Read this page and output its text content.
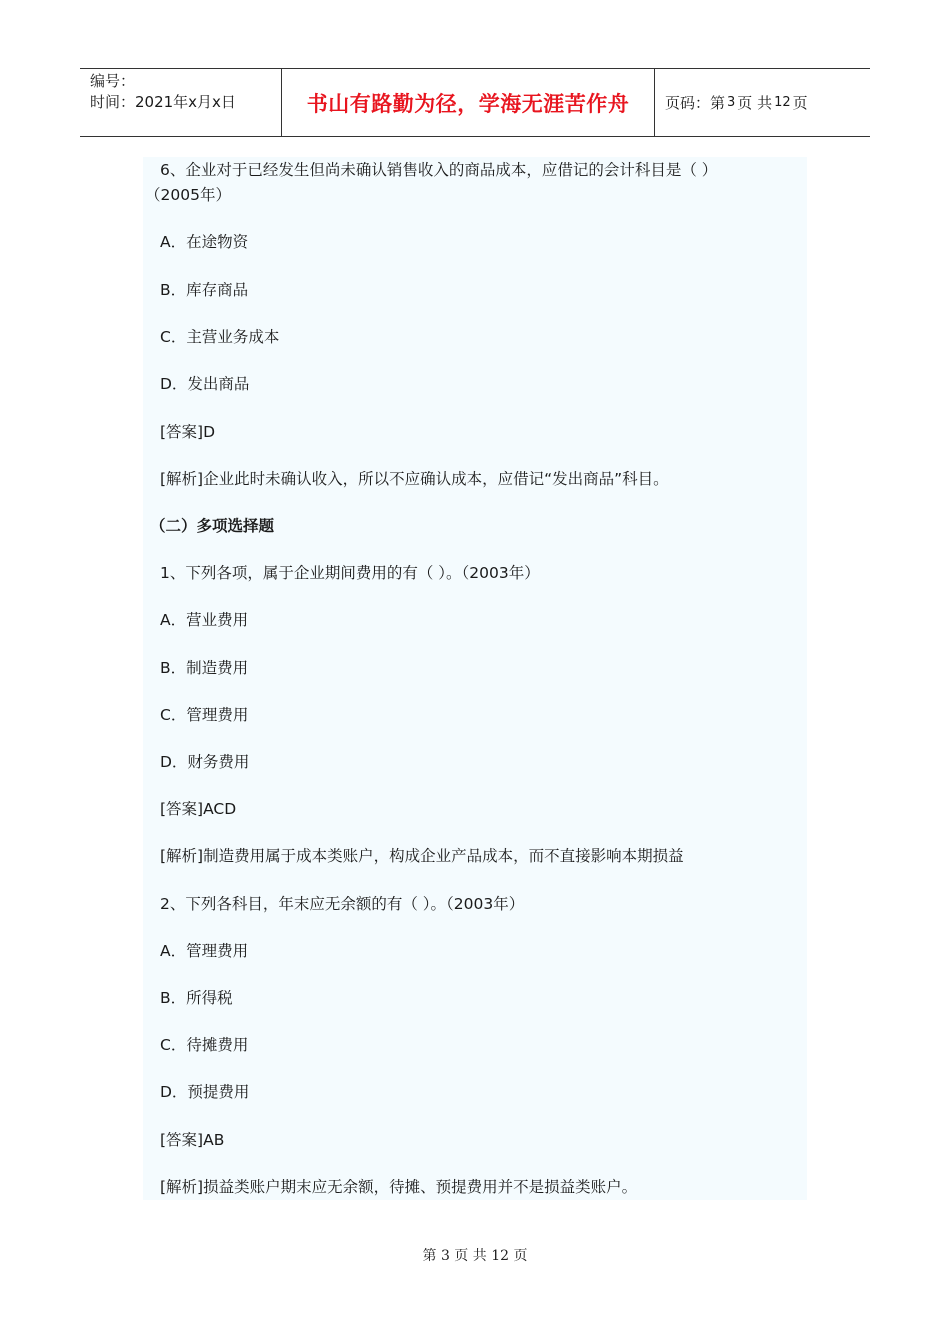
编号：
时间：2021年x月x日	书山有路勤为径，学海无涯苦作舟	页码：第 3 页 共 12 页
6、企业对于已经发生但尚未确认销售收入的商品成本，应借记的会计科目是（ ）
（2005年）
A．在途物资
B．库存商品
C．主营业务成本
D．发出商品
[答案]D
[解析]企业此时未确认收入，所以不应确认成本，应借记“发出商品”科目。
（二）多项选择题
1、下列各项，属于企业期间费用的有（ ）。（2003年）
A．营业费用
B．制造费用
C．管理费用
D．财务费用
[答案]ACD
[解析]制造费用属于成本类账户，构成企业产品成本，而不直接影响本期损益
2、下列各科目，年末应无余额的有（ ）。（2003年）
A．管理费用
B．所得税
C．待摊费用
D．预提费用
[答案]AB
[解析]损益类账户期末应无余额，待摊、预提费用并不是损益类账户。
第 3 页 共 12 页
